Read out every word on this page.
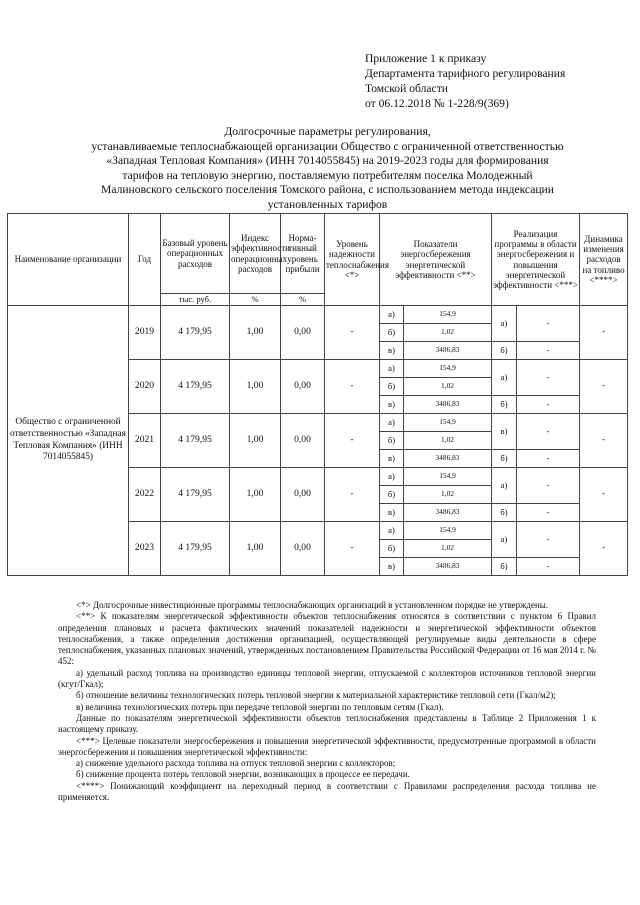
Приложение 1 к приказу
Департамента тарифного регулирования
Томской области
от 06.12.2018 № 1-228/9(369)
Долгосрочные параметры регулирования,
устанавливаемые теплоснабжающей организации Общество с ограниченной ответственностью
«Западная Тепловая Компания» (ИНН 7014055845) на 2019-2023 годы для формирования
тарифов на тепловую энергию, поставляемую потребителям поселка Молодежный
Малиновского сельского поселения Томского района, с использованием метода индексации
установленных тарифов
Наименование организации	Год	Базовый уровень операционных расходов	Индекс эффективности операционных расходов	Норма-тивный уровень прибыли	Уровень надежности теплоснабжения <*>	Показатели энергосбережения энергетической эффективности <**>		Реализация программы в области энергосбережения и повышения энергетической эффективности <***>		Динамика изменения расходов на топливо <****>
		тыс. руб.	%	%						
Общество с ограниченной ответственностью «Западная Тепловая Компания» (ИНН 7014055845)	2019	4 179,95	1,00	0,00	-	а)	154,9	а)	-	-
						б)	1,02			
						в)	3486,83	б)	-	
	2020	4 179,95	1,00	0,00	-	а)	154,9	а)	-	-
						б)	1,02			
						в)	3486,83	б)	-	
	2021	4 179,95	1,00	0,00	-	а)	154,9	в)	-	-
						б)	1,02			
						в)	3486,83	б)	-	
	2022	4 179,95	1,00	0,00	-	а)	154,9	а)	-	-
						б)	1,02			
						в)	3486,83	б)	-	
	2023	4 179,95	1,00	0,00	-	а)	154,9	а)	-	-
						б)	1,02			
						в)	3486,83	б)	-	

<*> Долгосрочные инвестиционные программы теплоснабжающих организаций в установленном порядке не утверждены.

<**> К показателям энергетической эффективности объектов теплоснабжения относятся в соответствии с пунктом 6 Правил определения плановых и расчета фактических значений показателей надежности и энергетической эффективности объектов теплоснабжения, а также определения достижения организацией, осуществляющей регулируемые виды деятельности в сфере теплоснабжения, указанных плановых значений, утвержденных постановлением Правительства Российской Федерации от 16 мая 2014 г. № 452:

а) удельный расход топлива на производство единицы тепловой энергии, отпускаемой с коллекторов источников тепловой энергии (кгут/Гкал);

б) отношение величины технологических потерь тепловой энергии к материальной характеристике тепловой сети (Гкал/м2);

в) величина технологических потерь при передаче тепловой энергии по тепловым сетям (Гкал).

Данные по показателям энергетической эффективности объектов теплоснабжения представлены в Таблице 2 Приложения 1 к настоящему приказу.

<***> Целевые показатели энергосбережения и повышения энергетической эффективности, предусмотренные программой в области энергосбережения и повышения энергетической эффективности:

а) снижение удельного расхода топлива на отпуск тепловой энергии с коллекторов;

б) снижение процента потерь тепловой энергии, возникающих в процессе ее передачи.

<****> Понижающий коэффициент на переходный период в соответствии с Правилами распределения расхода топлива не применяется.
